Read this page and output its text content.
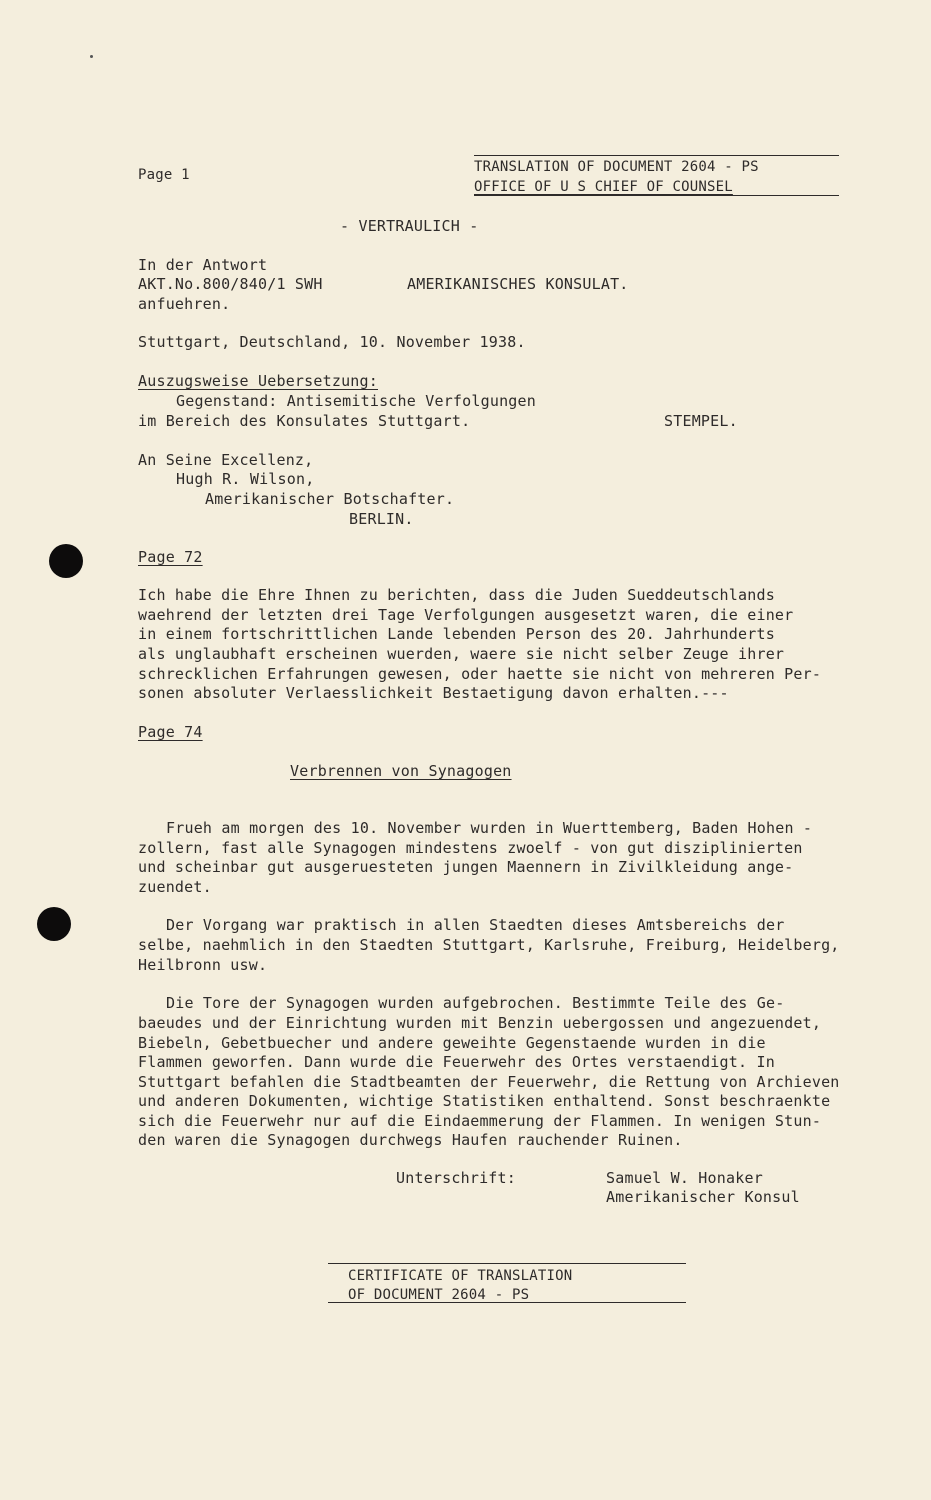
Page 1	TRANSLATION OF DOCUMENT 2604 - PS
OFFICE OF U S CHIEF OF COUNSEL
- VERTRAULICH -
In der Antwort
AKT.No.800/840/1 SWH
anfuehren.
AMERIKANISCHES KONSULAT.
Stuttgart, Deutschland, 10. November 1938.
Auszugsweise Uebersetzung:
Gegenstand: Antisemitische Verfolgungen
im Bereich des Konsulates Stuttgart.	STEMPEL.
An Seine Excellenz,
Hugh R. Wilson,
Amerikanischer Botschafter.
BERLIN.
Page 72
Ich habe die Ehre Ihnen zu berichten, dass die Juden Sueddeutschlands
waehrend der letzten drei Tage Verfolgungen ausgesetzt waren, die einer
in einem fortschrittlichen Lande lebenden Person des 20. Jahrhunderts
als unglaubhaft erscheinen wuerden, waere sie nicht selber Zeuge ihrer
schrecklichen Erfahrungen gewesen, oder haette sie nicht von mehreren Per-
sonen absoluter Verlaesslichkeit Bestaetigung davon erhalten.---
Page 74
Verbrennen von Synagogen
Frueh am morgen des 10. November wurden in Wuerttemberg, Baden Hohen -
zollern, fast alle Synagogen mindestens zwoelf - von gut disziplinierten
und scheinbar gut ausgeruesteten jungen Maennern in Zivilkleidung ange-
zuendet.
Der Vorgang war praktisch in allen Staedten dieses Amtsbereichs der
selbe, naehmlich in den Staedten Stuttgart, Karlsruhe, Freiburg, Heidelberg,
Heilbronn usw.
Die Tore der Synagogen wurden aufgebrochen. Bestimmte Teile des Ge-
baeudes und der Einrichtung wurden mit Benzin uebergossen und angezuendet,
Biebeln, Gebetbuecher und andere geweihte Gegenstaende wurden in die
Flammen geworfen. Dann wurde die Feuerwehr des Ortes verstaendigt. In
Stuttgart befahlen die Stadtbeamten der Feuerwehr, die Rettung von Archieven
und anderen Dokumenten, wichtige Statistiken enthaltend. Sonst beschraenkte
sich die Feuerwehr nur auf die Eindaemmerung der Flammen. In wenigen Stun-
den waren die Synagogen durchwegs Haufen rauchender Ruinen.
Unterschrift:	Samuel W. Honaker
Amerikanischer Konsul
CERTIFICATE OF TRANSLATION
OF DOCUMENT 2604 - PS
